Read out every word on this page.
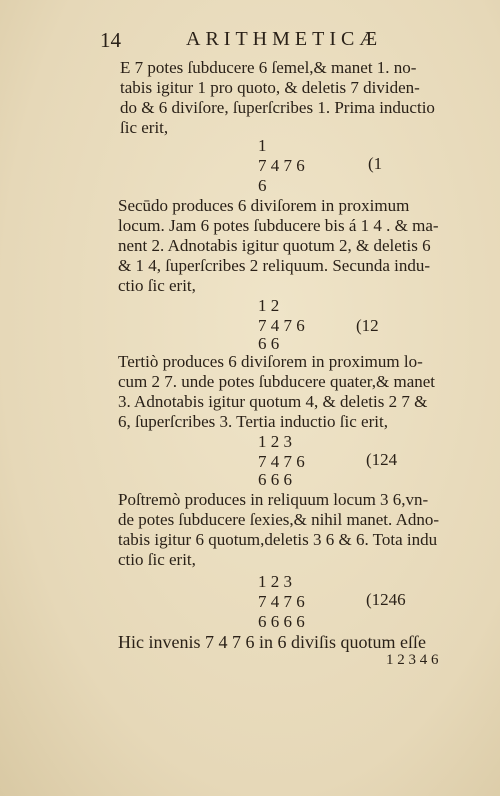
14	ARITHMETICÆ
E 7 potes ſubducere 6 ſemel,& manet 1. no-
tabis igitur 1 pro quoto, & deletis 7 dividen-
do & 6 diviſore, ſuperſcribes 1. Prima inductio
ſic erit,
1
7 4 7 6	(1
6
Secūdo produces 6 diviſorem in proximum
locum. Jam 6 potes ſubducere bis á 1 4 . & ma-
nent 2. Adnotabis igitur quotum 2, & deletis 6
& 1 4, ſuperſcribes 2 reliquum. Secunda indu-
ctio ſic erit,
1 2
7 4 7 6	(12
6 6
Tertiò produces 6 diviſorem in proximum lo-
cum 2 7. unde potes ſubducere quater,& manet
3. Adnotabis igitur quotum 4, & deletis 2 7 &
6, ſuperſcribes 3. Tertia inductio ſic erit,
1 2 3
7 4 7 6	(124
6 6 6
Poſtremò produces in reliquum locum 3 6,vn-
de potes ſubducere ſexies,& nihil manet. Adno-
tabis igitur 6 quotum,deletis 3 6 & 6. Tota indu
ctio ſic erit,
1 2 3
7 4 7 6	(1246
6 6 6 6
Hic invenis 7 4 7 6 in 6 diviſis quotum eſſe
1 2 3 4 6
